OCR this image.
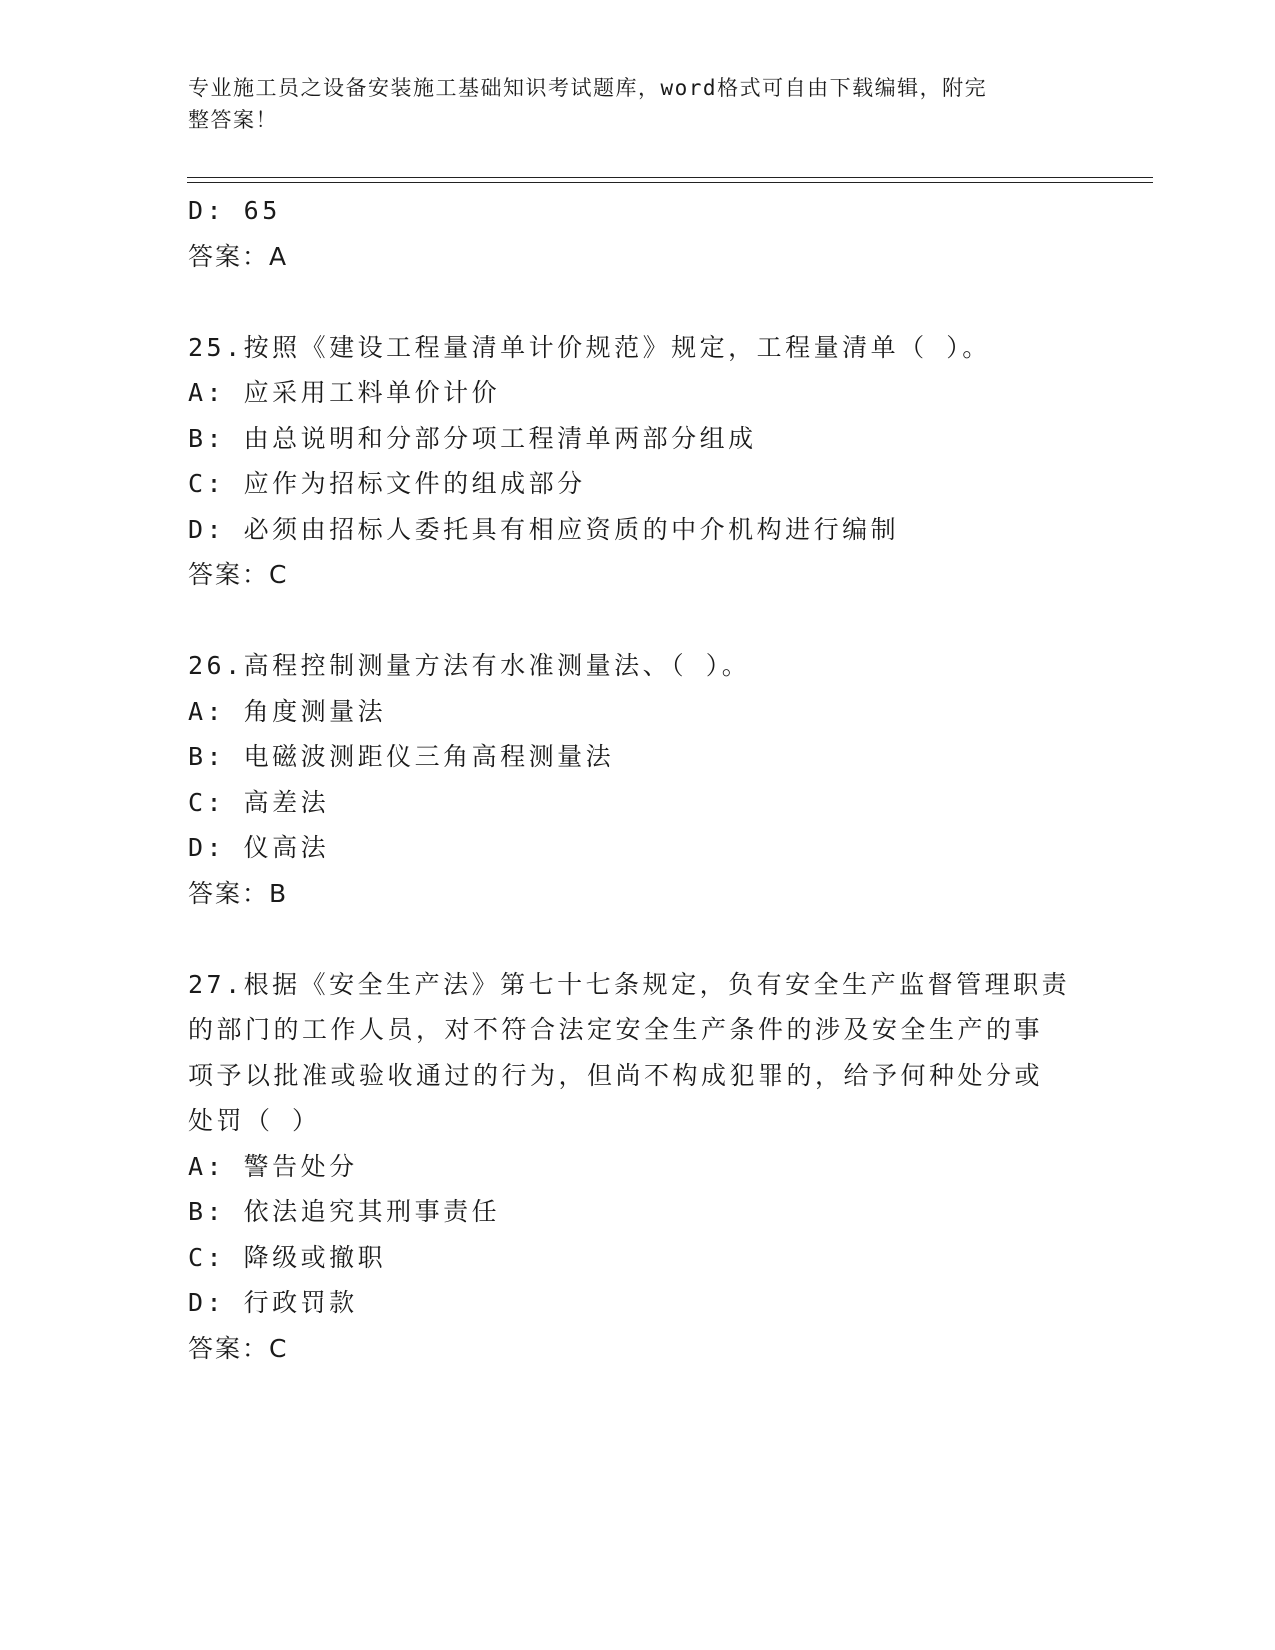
专业施工员之设备安装施工基础知识考试题库，word格式可自由下载编辑，附完
整答案！
D: 65
答案：A
25.按照《建设工程量清单计价规范》规定，工程量清单（ ）。
A: 应采用工料单价计价
B: 由总说明和分部分项工程清单两部分组成
C: 应作为招标文件的组成部分
D: 必须由招标人委托具有相应资质的中介机构进行编制
答案：C
26.高程控制测量方法有水准测量法、（ ）。
A: 角度测量法
B: 电磁波测距仪三角高程测量法
C: 高差法
D: 仪高法
答案：B
27.根据《安全生产法》第七十七条规定，负有安全生产监督管理职责
的部门的工作人员，对不符合法定安全生产条件的涉及安全生产的事
项予以批准或验收通过的行为，但尚不构成犯罪的，给予何种处分或
处罚（ ）
A: 警告处分
B: 依法追究其刑事责任
C: 降级或撤职
D: 行政罚款
答案：C
